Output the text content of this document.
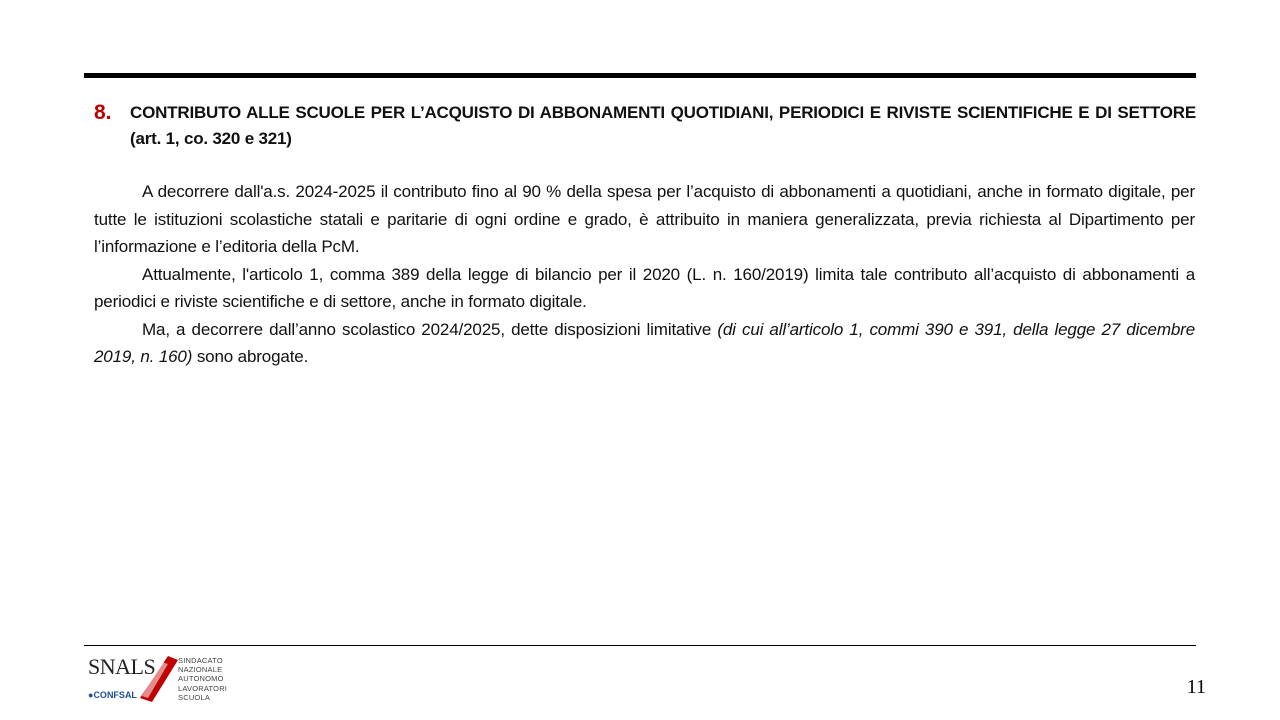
8.	CONTRIBUTO ALLE SCUOLE PER L’ACQUISTO DI ABBONAMENTI QUOTIDIANI, PERIODICI E RIVISTE SCIENTIFICHE E DI SETTORE (art. 1, co. 320 e 321)

A decorrere dall'a.s. 2024-2025 il contributo fino al 90 % della spesa per l’acquisto di abbonamenti a quotidiani, anche in formato digitale, per tutte le istituzioni scolastiche statali e paritarie di ogni ordine e grado, è attribuito in maniera generalizzata, previa richiesta al Dipartimento per l’informazione e l’editoria della PcM.

Attualmente, l'articolo 1, comma 389 della legge di bilancio per il 2020 (L. n. 160/2019) limita tale contributo all’acquisto di abbonamenti a periodici e riviste scientifiche e di settore, anche in formato digitale.

Ma, a decorrere dall’anno scolastico 2024/2025, dette disposizioni limitative (di cui all’articolo 1, commi 390 e 391, della legge 27 dicembre 2019, n. 160) sono abrogate.

SNALS
●CONFSAL
SINDACATO
NAZIONALE
AUTONOMO
LAVORATORI
SCUOLA	11
